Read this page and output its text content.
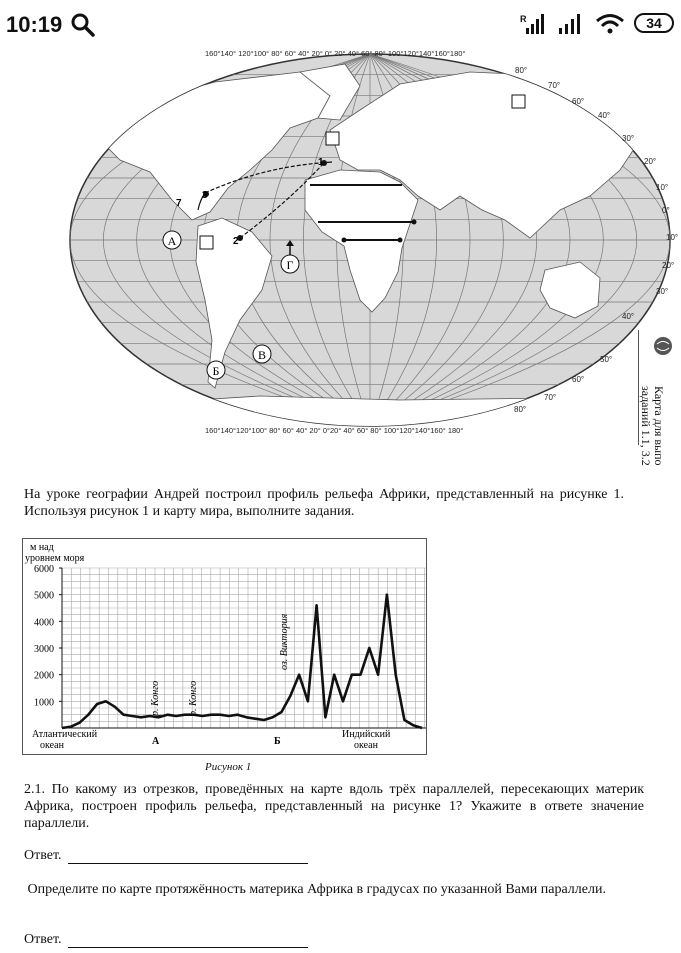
10:19	R	34
А
Г
Б
В
1
2
3
7
160°140° 120°100° 80° 60° 40° 20° 0° 20° 40° 60° 80° 100°120°140°160°180°
160°140°120°100° 80° 60° 40° 20° 0°20° 40° 60° 80° 100°120°140°160° 180°
80°
70°
60°
40°
30°
20°
10°
0°
10°
20°
30°
40°
50°
60°
70°
80°	Карта для выпо
заданий 1.1, 3.2
На уроке географии Андрей построил профиль рельефа Африки, представленный на рисунке 1. Используя рисунок 1 и карту мира, выполните задания.
м над уровнем моря
1000
2000
3000
4000
5000
6000
р. Конго	р. Конго
оз. Виктория
А	Б
Атлантический океан
Индийский океан
Рисунок 1
2.1. По какому из отрезков, проведённых на карте вдоль трёх параллелей, пересекающих материк Африка, построен профиль рельефа, представленный на рисунке 1? Укажите в ответе значение параллели.
Ответ.
Определите по карте протяжённость материка Африка в градусах по указанной Вами параллели.
Ответ.
